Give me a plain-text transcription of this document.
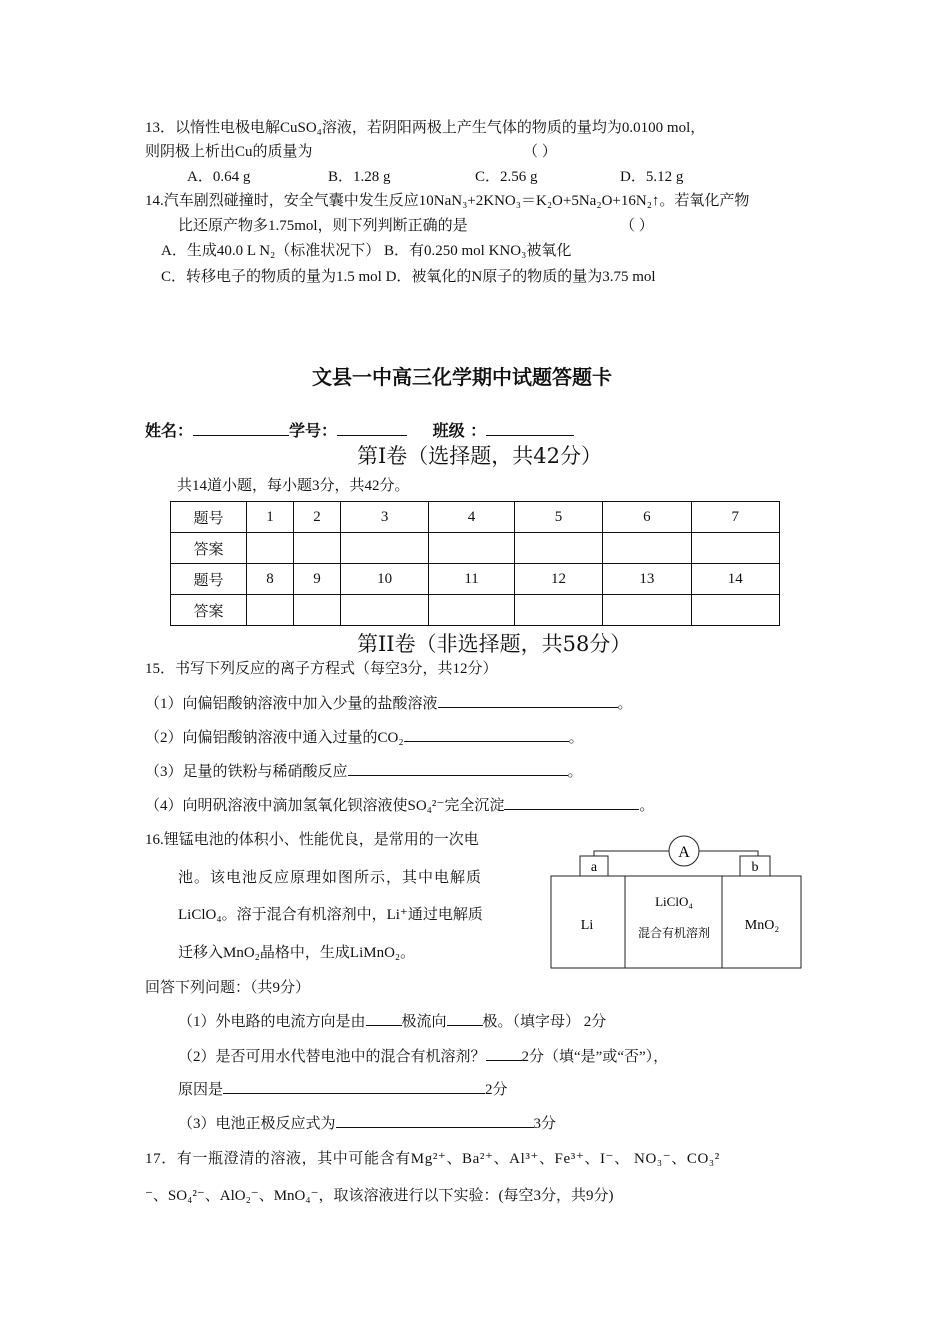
13．以惰性电极电解CuSO₄溶液，若阴阳两极上产生气体的物质的量均为0.0100 mol，
则阴极上析出Cu的质量为	（ ）
A．0.64 g	B．1.28 g	C．2.56 g	D．5.12 g
14.汽车剧烈碰撞时，安全气囊中发生反应10NaN₃+2KNO₃＝K₂O+5Na₂O+16N₂↑。若氧化产物
比还原产物多1.75mol，则下列判断正确的是	（ ）
A．生成40.0 L N₂（标准状况下） B．有0.250 mol KNO₃被氧化
C．转移电子的物质的量为1.5 mol D．被氧化的N原子的物质的量为3.75 mol
文县一中高三化学期中试题答题卡
姓名：	学号：	班级 ：
第Ⅰ卷（选择题，共42分）
共14道小题，每小题3分，共42分。
题号	1	2	3	4	5	6	7
答案							
题号	8	9	10	11	12	13	14
答案							
第II卷（非选择题，共58分）
15．书写下列反应的离子方程式（每空3分，共12分）
（1）向偏铝酸钠溶液中加入少量的盐酸溶液	。
（2）向偏铝酸钠溶液中通入过量的CO₂	。
（3）足量的铁粉与稀硝酸反应	。
（4）向明矾溶液中滴加氢氧化钡溶液使SO₄²⁻完全沉淀	。
16.锂锰电池的体积小、性能优良，是常用的一次电
池。该电池反应原理如图所示，其中电解质
LiClO₄。溶于混合有机溶剂中，Li⁺通过电解质
迁移入MnO₂晶格中，生成LiMnO₂。
A
a	b
Li
LiClO₄
混合有机溶剂 MnO₂
回答下列问题：（共9分）
（1）外电路的电流方向是由 极流向 极。（填字母） 2分
（2）是否可用水代替电池中的混合有机溶剂？ 2分（填“是”或“否”），
原因是	2分
（3）电池正极反应式为	3分
17．有一瓶澄清的溶液，其中可能含有Mg²⁺、Ba²⁺、Al³⁺、Fe³⁺、I⁻、 NO₃⁻、CO₃²
⁻、SO₄²⁻、AlO₂⁻、MnO₄⁻，取该溶液进行以下实验：(每空3分，共9分)
